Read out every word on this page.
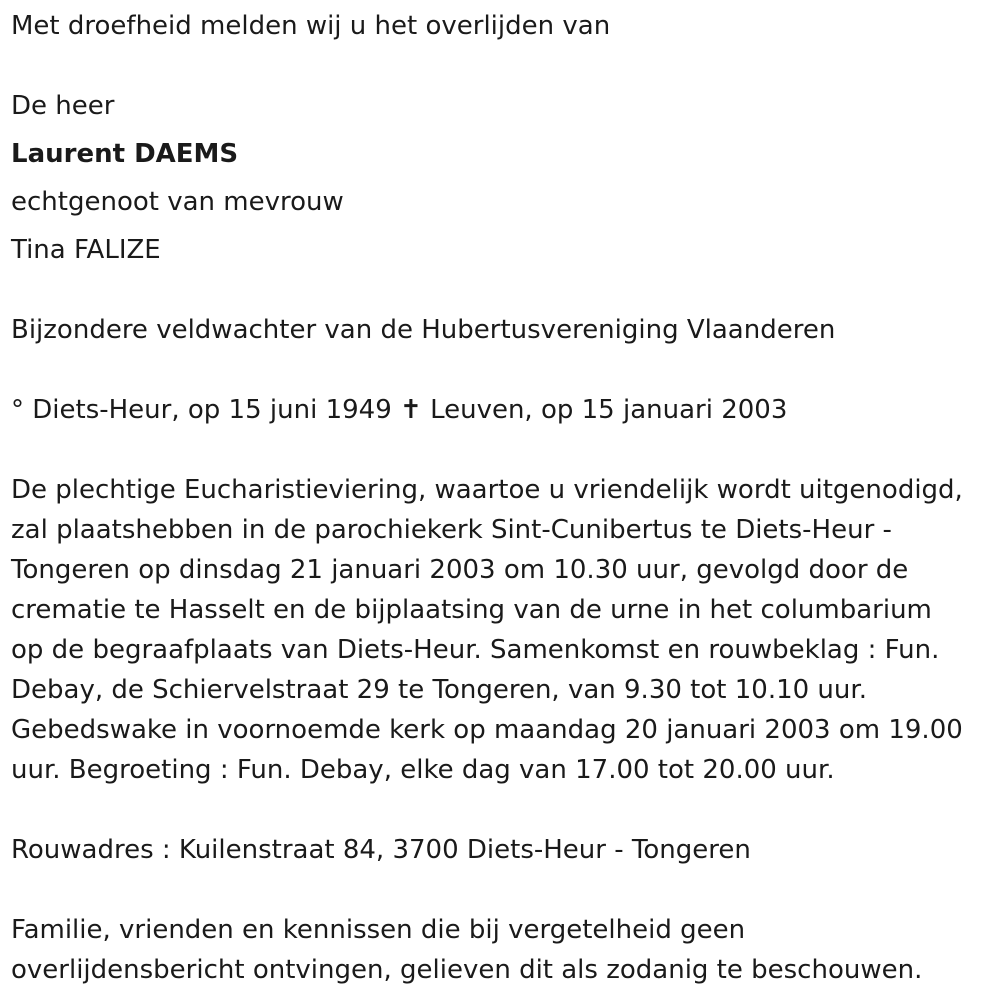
Met droefheid melden wij u het overlijden van
De heer
Laurent DAEMS
echtgenoot van mevrouw
Tina FALIZE
Bijzondere veldwachter van de Hubertusvereniging Vlaanderen
° Diets-Heur, op 15 juni 1949 ✝ Leuven, op 15 januari 2003
De plechtige Eucharistieviering, waartoe u vriendelijk wordt uitgenodigd,
zal plaatshebben in de parochiekerk Sint-Cunibertus te Diets-Heur -
Tongeren op dinsdag 21 januari 2003 om 10.30 uur, gevolgd door de
crematie te Hasselt en de bijplaatsing van de urne in het columbarium
op de begraafplaats van Diets-Heur. Samenkomst en rouwbeklag : Fun.
Debay, de Schiervelstraat 29 te Tongeren, van 9.30 tot 10.10 uur.
Gebedswake in voornoemde kerk op maandag 20 januari 2003 om 19.00
uur. Begroeting : Fun. Debay, elke dag van 17.00 tot 20.00 uur.
Rouwadres : Kuilenstraat 84, 3700 Diets-Heur - Tongeren
Familie, vrienden en kennissen die bij vergetelheid geen
overlijdensbericht ontvingen, gelieven dit als zodanig te beschouwen.
